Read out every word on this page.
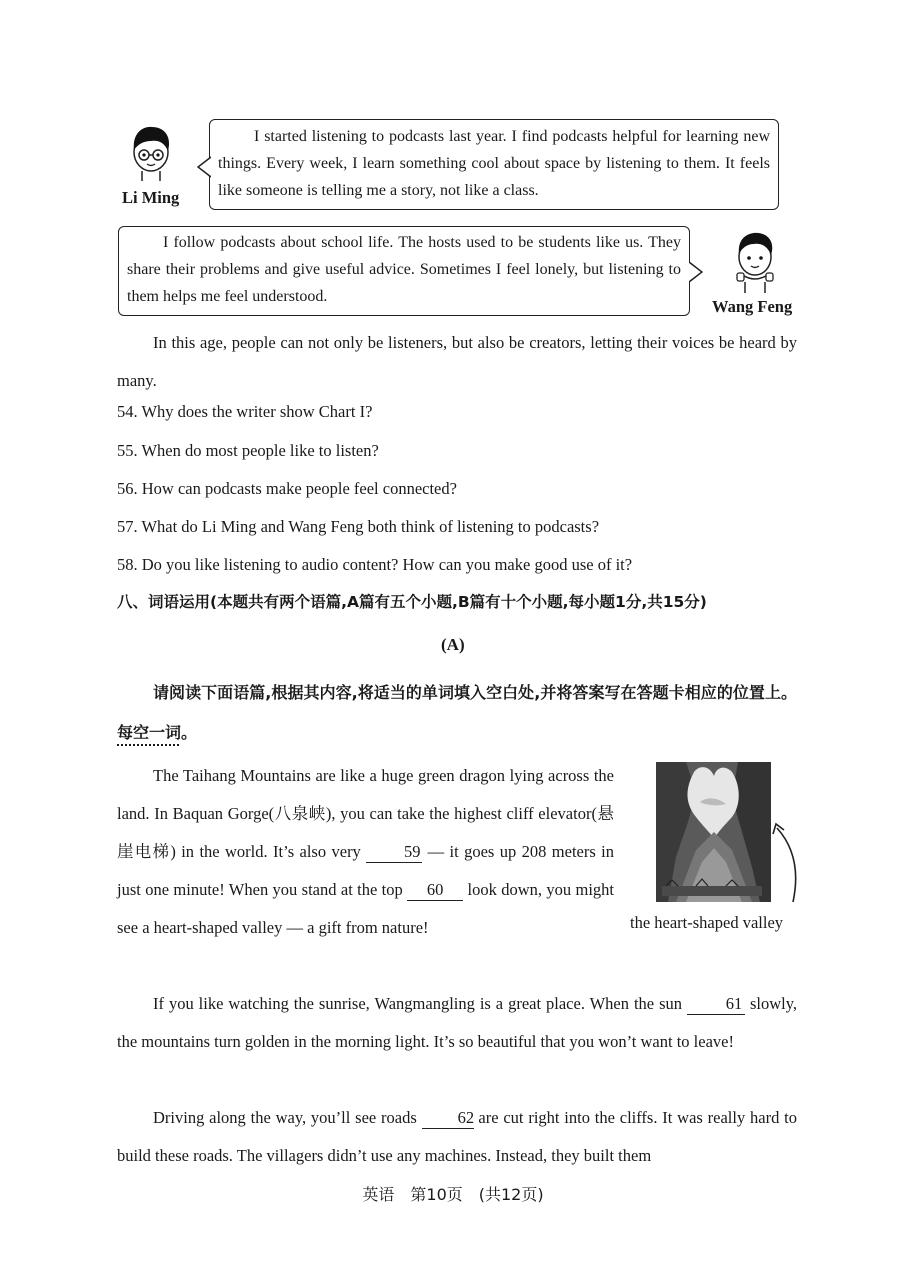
Li Ming

I started listening to podcasts last year. I find podcasts helpful for learning new things. Every week, I learn something cool about space by listening to them. It feels like someone is telling me a story, not like a class.

I follow podcasts about school life. The hosts used to be students like us. They share their problems and give useful advice. Sometimes I feel lonely, but listening to them helps me feel understood.

Wang Feng
In this age, people can not only be listeners, but also be creators, letting their voices be heard by many.
54. Why does the writer show Chart I?
55. When do most people like to listen?
56. How can podcasts make people feel connected?
57. What do Li Ming and Wang Feng both think of listening to podcasts?
58. Do you like listening to audio content? How can you make good use of it?
八、词语运用(本题共有两个语篇,A篇有五个小题,B篇有十个小题,每小题1分,共15分)
(A)
请阅读下面语篇,根据其内容,将适当的单词填入空白处,并将答案写在答题卡相应的位置上。每空一词。
The Taihang Mountains are like a huge green dragon lying across the land. In Baquan Gorge(八泉峡), you can take the highest cliff elevator(悬崖电梯) in the world. It’s also very	59 — it goes up 208 meters in just one minute! When you stand at the top 60 look down, you might see a heart-shaped valley — a gift from nature!	the heart-shaped valley
If you like watching the sunrise, Wangmangling is a great place. When the sun	61 slowly, the mountains turn golden in the morning light. It’s so beautiful that you won’t want to leave!
Driving along the way, you’ll see roads 62 are cut right into the cliffs. It was really hard to build these roads. The villagers didn’t use any machines. Instead, they built them
英语　第10页　(共12页)
